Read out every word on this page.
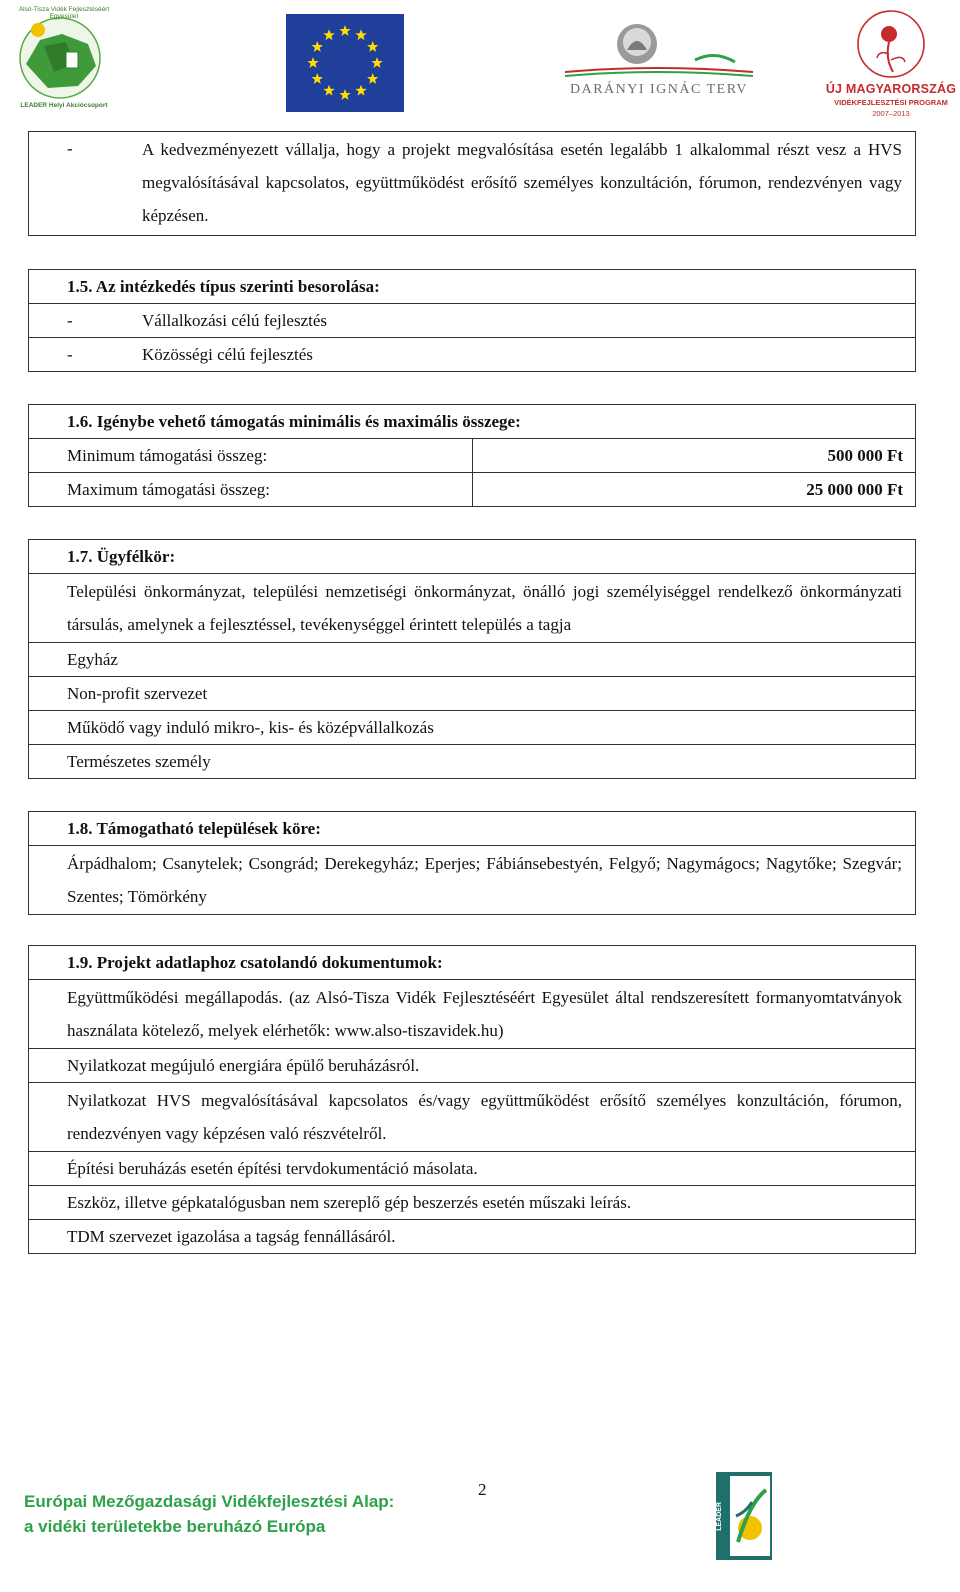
Alsó-Tisza Vidék Fejlesztéséért Egyesület
LEADER Helyi Akciócsoport
DARÁNYI IGNÁC TERV	ÚJ MAGYARORSZÁG
VIDÉKFEJLESZTÉSI PROGRAM
2007–2013
-	A kedvezményezett vállalja, hogy a projekt megvalósítása esetén legalább 1 alkalommal részt vesz a HVS megvalósításával kapcsolatos, együttműködést erősítő személyes konzultáción, fórumon, rendezvényen vagy képzésen.
1.5. Az intézkedés típus szerinti besorolása:
-	Vállalkozási célú fejlesztés
-	Közösségi célú fejlesztés
1.6. Igénybe vehető támogatás minimális és maximális összege:
Minimum támogatási összeg:	500 000 Ft
Maximum támogatási összeg:	25 000 000 Ft
1.7. Ügyfélkör:
Települési önkormányzat, települési nemzetiségi önkormányzat, önálló jogi személyiséggel rendelkező önkormányzati társulás, amelynek a fejlesztéssel, tevékenységgel érintett település a tagja
Egyház
Non-profit szervezet
Működő vagy induló mikro-, kis- és középvállalkozás
Természetes személy
1.8. Támogatható települések köre:
Árpádhalom; Csanytelek; Csongrád; Derekegyház; Eperjes; Fábiánsebestyén, Felgyő; Nagymágocs; Nagytőke; Szegvár; Szentes; Tömörkény
1.9. Projekt adatlaphoz csatolandó dokumentumok:
Együttműködési megállapodás. (az Alsó-Tisza Vidék Fejlesztéséért Egyesület által rendszeresített formanyomtatványok használata kötelező, melyek elérhetők: www.also-tiszavidek.hu)
Nyilatkozat megújuló energiára épülő beruházásról.
Nyilatkozat HVS megvalósításával kapcsolatos és/vagy együttműködést erősítő személyes konzultáción, fórumon, rendezvényen vagy képzésen való részvételről.
Építési beruházás esetén építési tervdokumentáció másolata.
Eszköz, illetve gépkatalógusban nem szereplő gép beszerzés esetén műszaki leírás.
TDM szervezet igazolása a tagság fennállásáról.
2
Európai Mezőgazdasági Vidékfejlesztési Alap:
a vidéki területekbe beruházó Európa	LEADER
